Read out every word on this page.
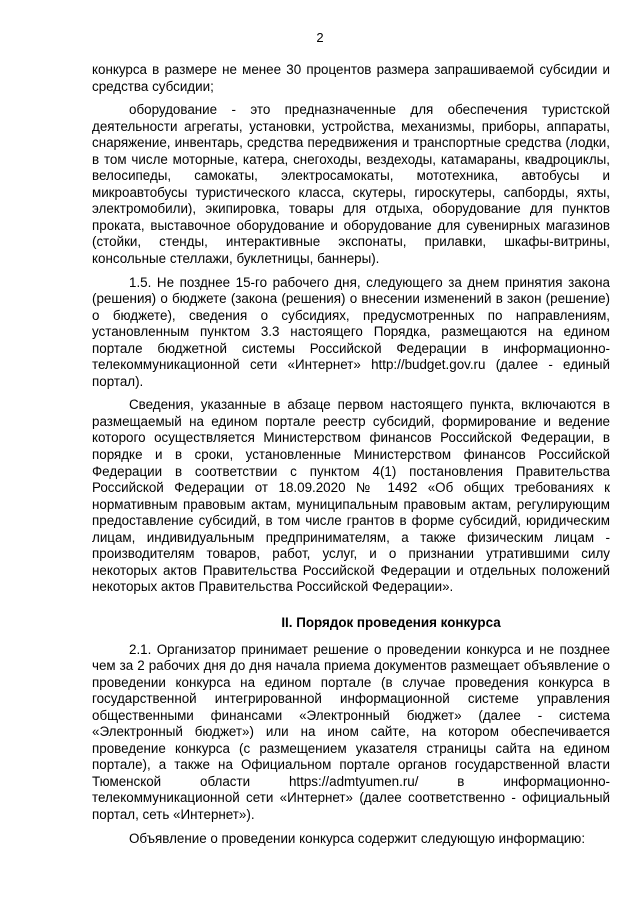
2

конкурса в размере не менее 30 процентов размера запрашиваемой субсидии и средства субсидии;

оборудование - это предназначенные для обеспечения туристской деятельности агрегаты, установки, устройства, механизмы, приборы, аппараты, снаряжение, инвентарь, средства передвижения и транспортные средства (лодки, в том числе моторные, катера, снегоходы, вездеходы, катамараны, квадроциклы, велосипеды, самокаты, электросамокаты, мототехника, автобусы и микроавтобусы туристического класса, скутеры, гироскутеры, сапборды, яхты, электромобили), экипировка, товары для отдыха, оборудование для пунктов проката, выставочное оборудование и оборудование для сувенирных магазинов (стойки, стенды, интерактивные экспонаты, прилавки, шкафы-витрины, консольные стеллажи, буклетницы, баннеры).

1.5. Не позднее 15-го рабочего дня, следующего за днем принятия закона (решения) о бюджете (закона (решения) о внесении изменений в закон (решение) о бюджете), сведения о субсидиях, предусмотренных по направлениям, установленным пунктом 3.3 настоящего Порядка, размещаются на едином портале бюджетной системы Российской Федерации в информационно-телекоммуникационной сети «Интернет» http://budget.gov.ru (далее - единый портал).

Сведения, указанные в абзаце первом настоящего пункта, включаются в размещаемый на едином портале реестр субсидий, формирование и ведение которого осуществляется Министерством финансов Российской Федерации, в порядке и в сроки, установленные Министерством финансов Российской Федерации в соответствии с пунктом 4(1) постановления Правительства Российской Федерации от 18.09.2020 № 1492 «Об общих требованиях к нормативным правовым актам, муниципальным правовым актам, регулирующим предоставление субсидий, в том числе грантов в форме субсидий, юридическим лицам, индивидуальным предпринимателям, а также физическим лицам - производителям товаров, работ, услуг, и о признании утратившими силу некоторых актов Правительства Российской Федерации и отдельных положений некоторых актов Правительства Российской Федерации».

II. Порядок проведения конкурса

2.1. Организатор принимает решение о проведении конкурса и не позднее чем за 2 рабочих дня до дня начала приема документов размещает объявление о проведении конкурса на едином портале (в случае проведения конкурса в государственной интегрированной информационной системе управления общественными финансами «Электронный бюджет» (далее - система «Электронный бюджет») или на ином сайте, на котором обеспечивается проведение конкурса (с размещением указателя страницы сайта на едином портале), а также на Официальном портале органов государственной власти Тюменской области https://admtyumen.ru/ в информационно-телекоммуникационной сети «Интернет» (далее соответственно - официальный портал, сеть «Интернет»).

Объявление о проведении конкурса содержит следующую информацию:
